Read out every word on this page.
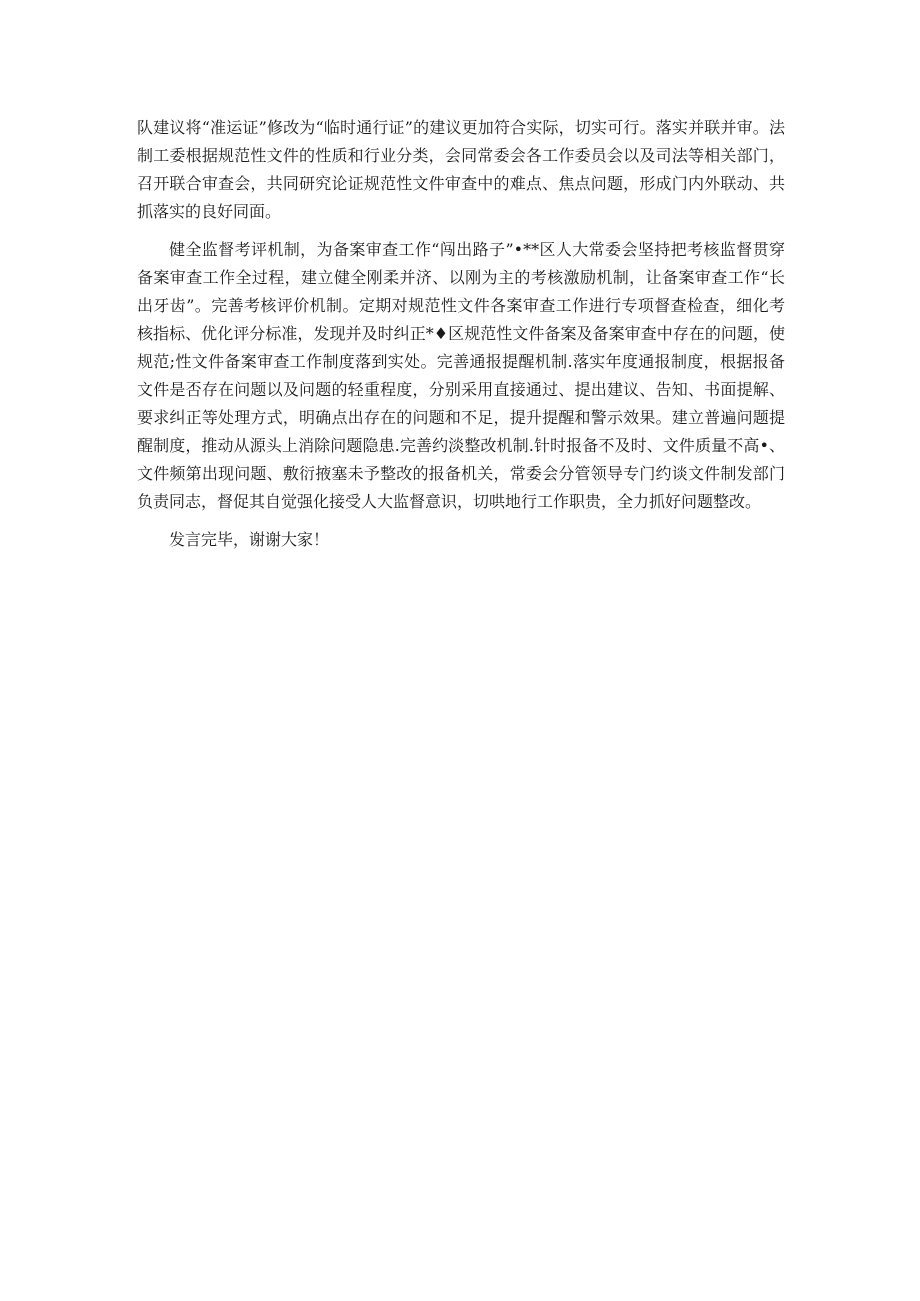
队建议将“准运证”修改为“临时通行证”的建议更加符合实际，切实可行。落实并联并审。法制工委根据规范性文件的性质和行业分类，会同常委会各工作委员会以及司法等相关部门，召开联合审查会，共同研究论证规范性文件审查中的难点、焦点问题，形成门内外联动、共抓落实的良好同面。

健全监督考评机制，为备案审查工作“闯出路子”•**区人大常委会坚持把考核监督贯穿备案审查工作全过程，建立健全刚柔并济、以刚为主的考核激励机制，让备案审查工作“长出牙齿”。完善考核评价机制。定期对规范性文件各案审查工作进行专项督查检查，细化考核指标、优化评分标准，发现并及时纠正*♦区规范性文件备案及备案审查中存在的问题，使规范;性文件备案审查工作制度落到实处。完善通报提醒机制.落实年度通报制度，根据报备文件是否存在问题以及问题的轻重程度，分别采用直接通过、提出建议、告知、书面提解、要求纠正等处理方式，明确点出存在的问题和不足，提升提醒和警示效果。建立普遍问题提醒制度，推动从源头上消除问题隐患.完善约淡整改机制.针时报备不及时、文件质量不高•、文件频第出现问题、敷衍掖塞未予整改的报备机关，常委会分管领导专门约谈文件制发部门负责同志，督促其自觉强化接受人大监督意识，切哄地行工作职贵，全力抓好问题整改。

发言完毕，谢谢大家！
